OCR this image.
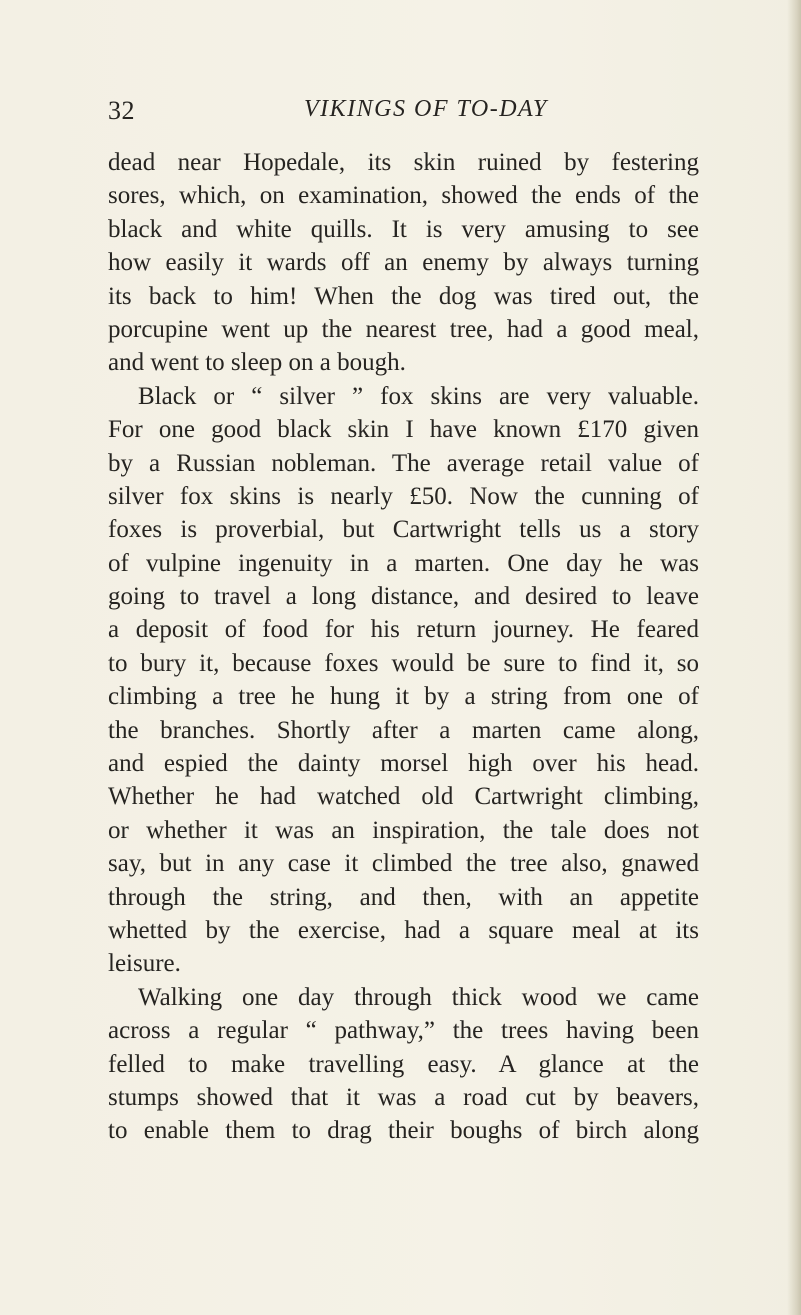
32	VIKINGS OF TO-DAY
dead near Hopedale, its skin ruined by festering
sores, which, on examination, showed the ends of the
black and white quills. It is very amusing to see
how easily it wards off an enemy by always turning
its back to him! When the dog was tired out, the
porcupine went up the nearest tree, had a good meal,
and went to sleep on a bough.
Black or “ silver ” fox skins are very valuable.
For one good black skin I have known £170 given
by a Russian nobleman. The average retail value of
silver fox skins is nearly £50. Now the cunning of
foxes is proverbial, but Cartwright tells us a story
of vulpine ingenuity in a marten. One day he was
going to travel a long distance, and desired to leave
a deposit of food for his return journey. He feared
to bury it, because foxes would be sure to find it, so
climbing a tree he hung it by a string from one of
the branches. Shortly after a marten came along,
and espied the dainty morsel high over his head.
Whether he had watched old Cartwright climbing,
or whether it was an inspiration, the tale does not
say, but in any case it climbed the tree also, gnawed
through the string, and then, with an appetite
whetted by the exercise, had a square meal at its
leisure.
Walking one day through thick wood we came
across a regular “ pathway,” the trees having been
felled to make travelling easy. A glance at the
stumps showed that it was a road cut by beavers,
to enable them to drag their boughs of birch along
